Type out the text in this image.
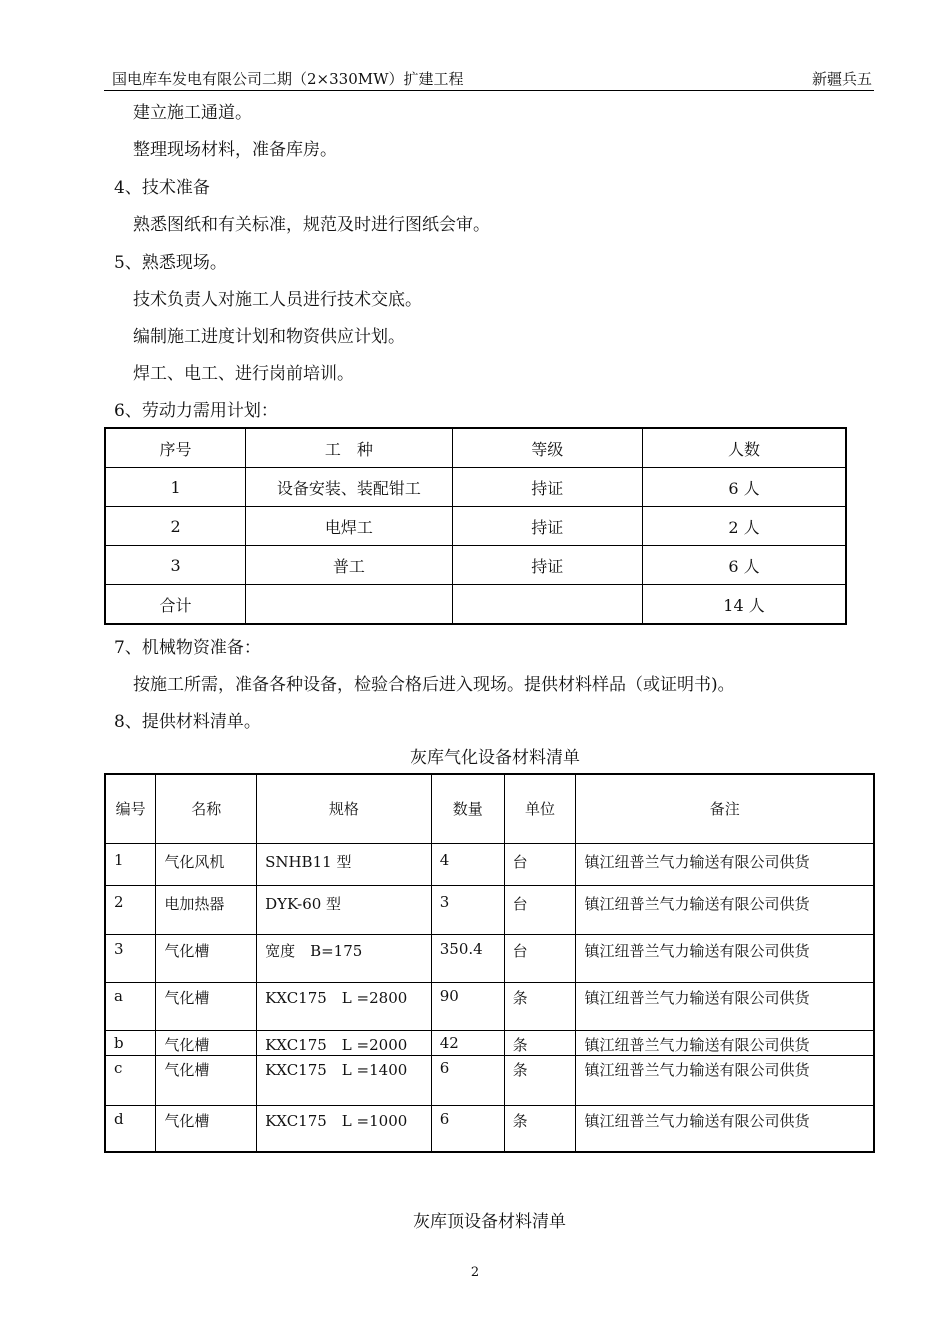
国电库车发电有限公司二期（2×330MW）扩建工程	新疆兵五
建立施工通道。
整理现场材料，准备库房。
4、技术准备
熟悉图纸和有关标准，规范及时进行图纸会审。
5、熟悉现场。
技术负责人对施工人员进行技术交底。
编制施工进度计划和物资供应计划。
焊工、电工、进行岗前培训。
6、劳动力需用计划：
序号	工　种	等级	人数
1	设备安装、装配钳工	持证	6 人
2	电焊工	持证	2 人
3	普工	持证	6 人
合计			14 人
7、机械物资准备：
按施工所需，准备各种设备，检验合格后进入现场。提供材料样品（或证明书)。
8、提供材料清单。
灰库气化设备材料清单
编号	名称	规格	数量	单位	备注
1	气化风机	SNHB11 型	4	台	镇江纽普兰气力输送有限公司供货
2	电加热器	DYK-60 型	3	台	镇江纽普兰气力输送有限公司供货
3	气化槽	宽度　B=175	350.4	台	镇江纽普兰气力输送有限公司供货
a	气化槽	KXC175　L =2800	90	条	镇江纽普兰气力输送有限公司供货
b	气化槽	KXC175　L =2000	42	条	镇江纽普兰气力输送有限公司供货
c	气化槽	KXC175　L =1400	6	条	镇江纽普兰气力输送有限公司供货
d	气化槽	KXC175　L =1000	6	条	镇江纽普兰气力输送有限公司供货
灰库顶设备材料清单
2
